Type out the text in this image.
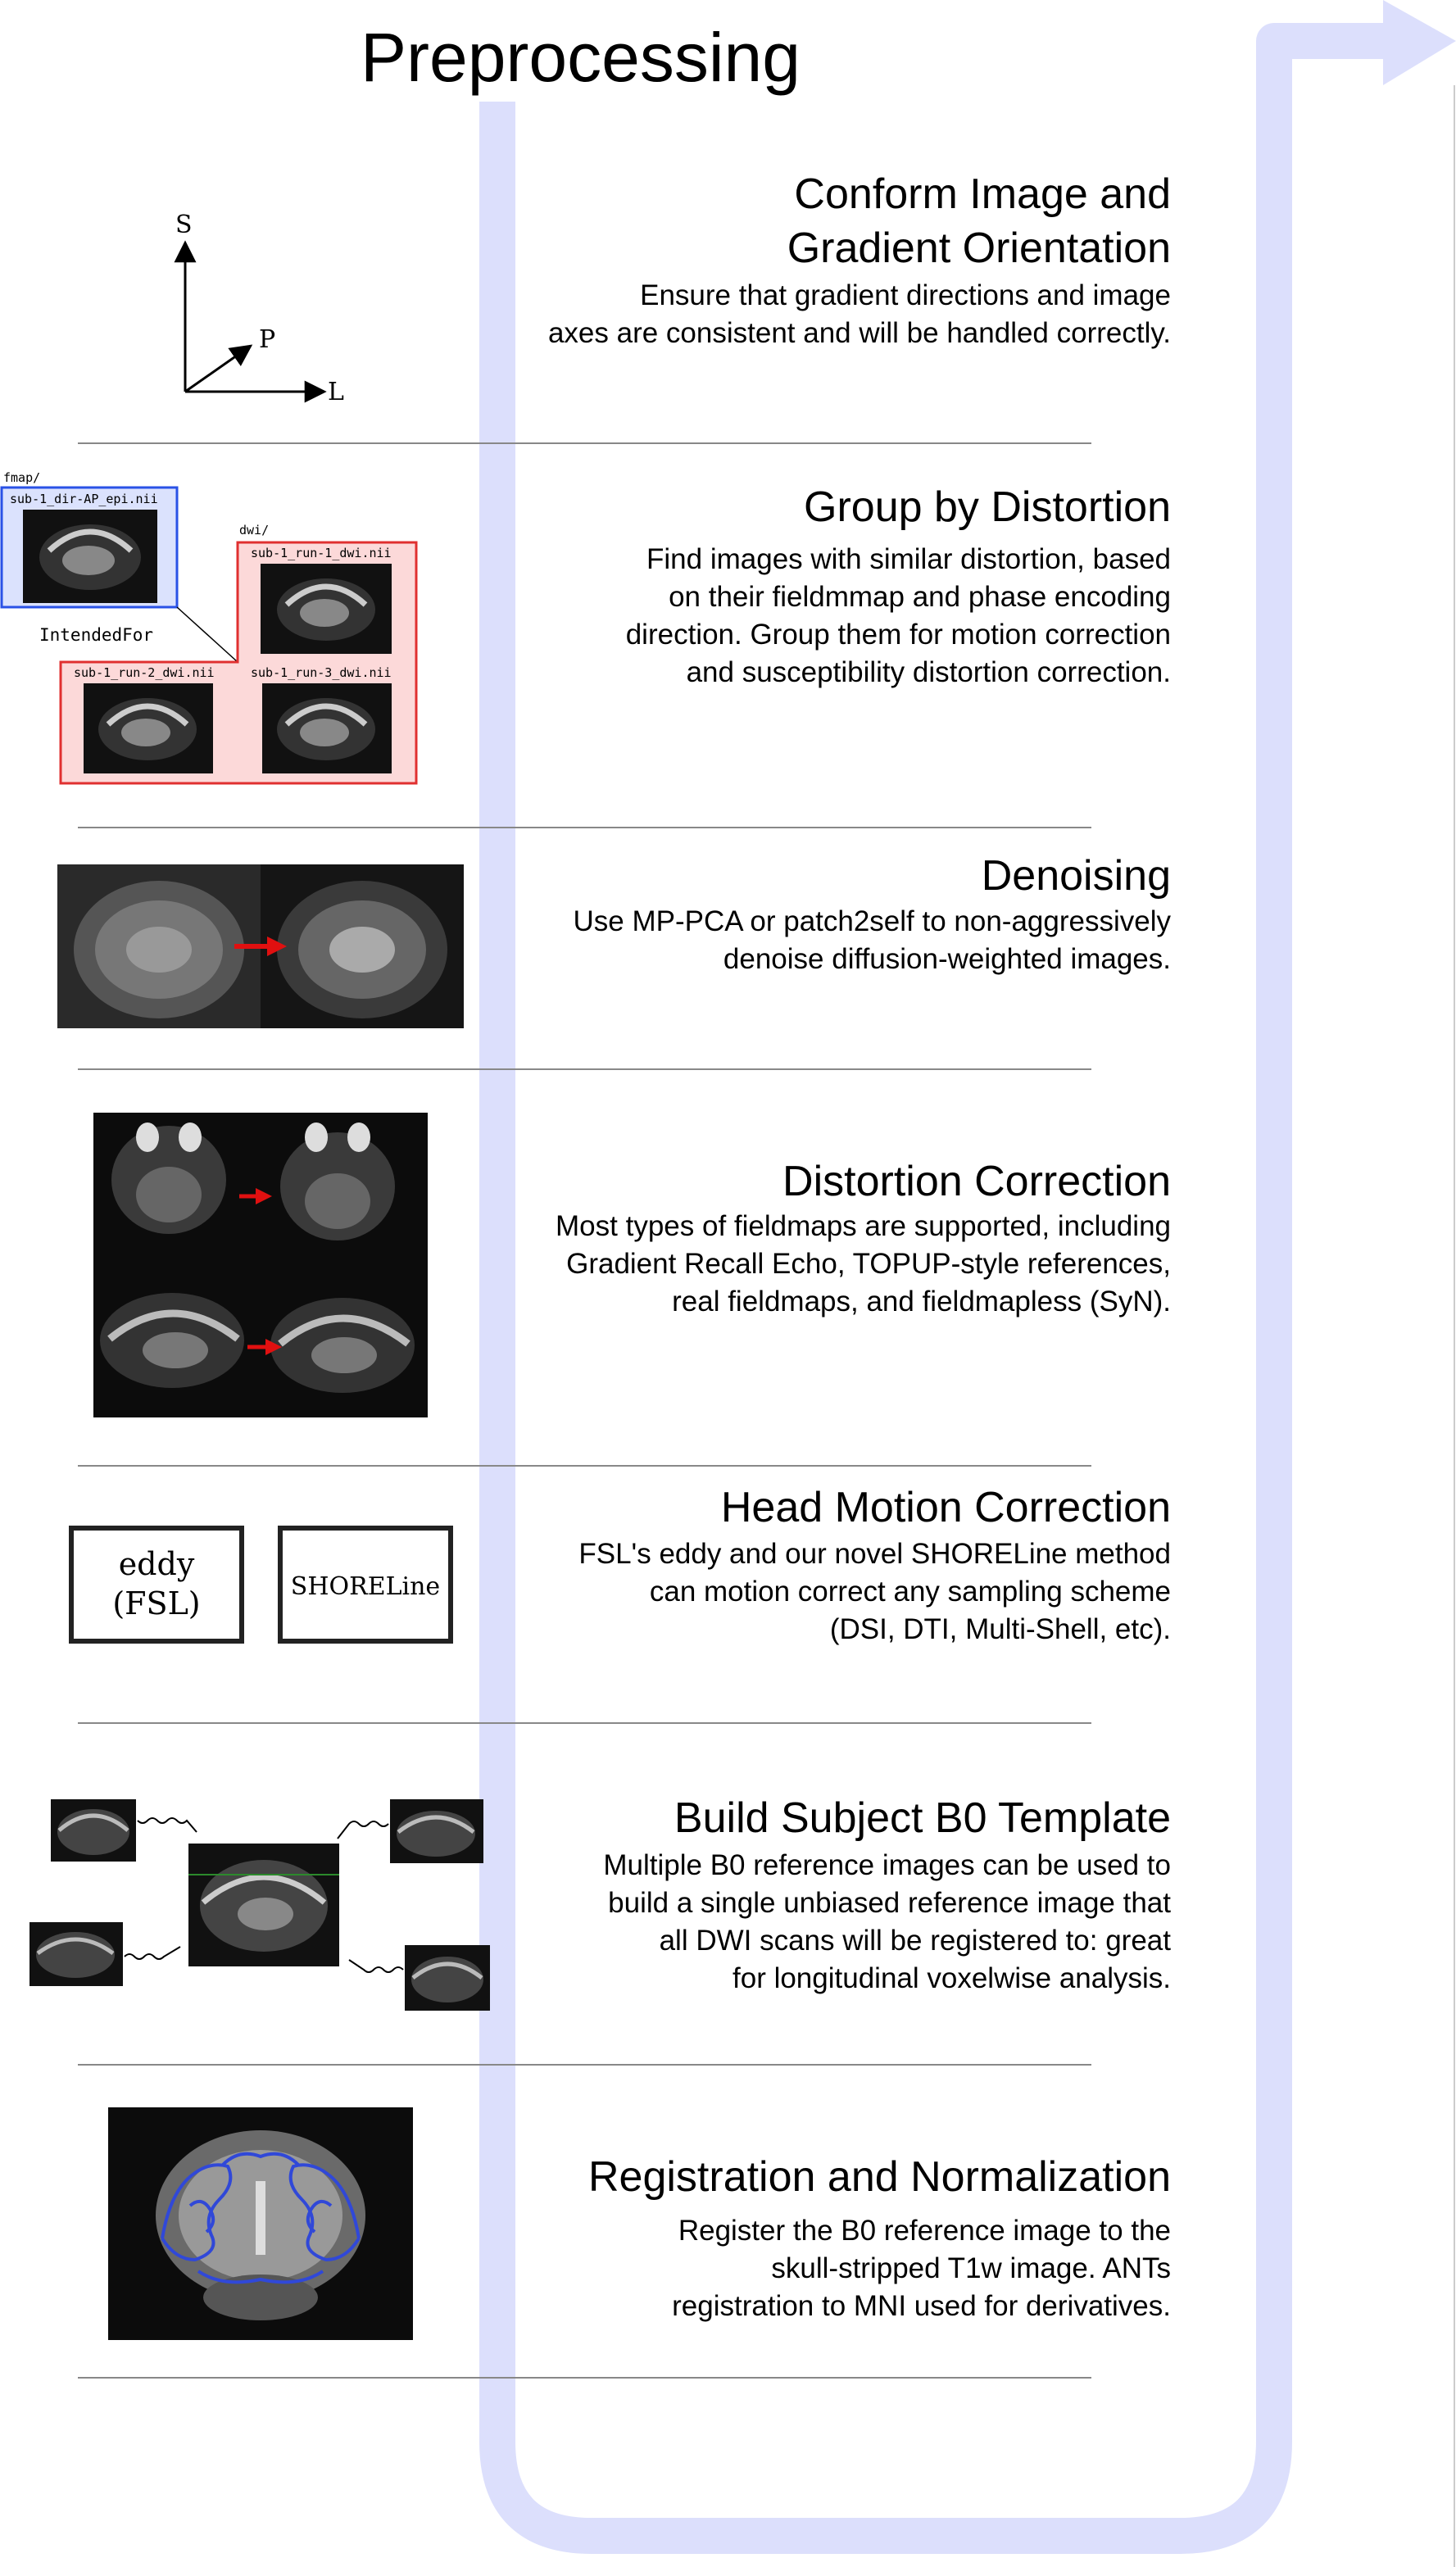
Preprocessing
Conform Image and
Gradient Orientation
Ensure that gradient directions and image
axes are consistent and will be handled correctly.
S
P
L
Group by Distortion
Find images with similar distortion, based
on their fieldmmap and phase encoding
direction. Group them for motion correction
and susceptibility distortion correction.
fmap/
sub-1_dir-AP_epi.nii
IntendedFor
dwi/
sub-1_run-1_dwi.nii
sub-1_run-2_dwi.nii	sub-1_run-3_dwi.nii
Denoising
Use MP-PCA or patch2self to non-aggressively
denoise diffusion-weighted images.
Distortion Correction
Most types of fieldmaps are supported, including
Gradient Recall Echo, TOPUP-style references,
real fieldmaps, and fieldmapless (SyN).
Head Motion Correction
FSL's eddy and our novel SHORELine method
can motion correct any sampling scheme
(DSI, DTI, Multi-Shell, etc).
eddy
(FSL)	SHORELine
Build Subject B0 Template
Multiple B0 reference images can be used to
build a single unbiased reference image that
all DWI scans will be registered to: great
for longitudinal voxelwise analysis.
Registration and Normalization
Register the B0 reference image to the
skull-stripped T1w image. ANTs
registration to MNI used for derivatives.
